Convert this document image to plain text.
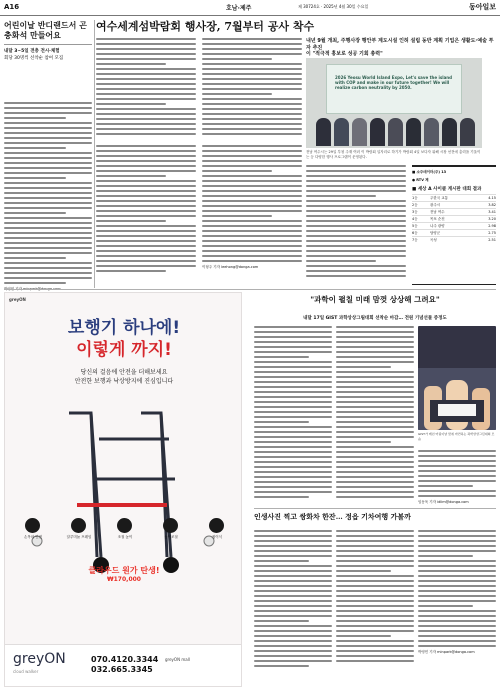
A16	호남·제주	제 30724호 · 2025년 4월 30일 수요일	동아일보
어린이날 반디랜드서 곤충화석 만들어요
내달 3~5일 전충 전시·체험
회당 30명씩 선착순 참여 모집
여수세계섬박람회 행사장, 7월부터 공사 착수
내년 9월 개최, 주행사장 행안부 계도시설 인허 설립 동반 계획 기업은 생활도·예술 투자 추진
이 "적극적 홍보로 성공 기회 총력"
2026 Yeosu World Island Expo, Let's save the island with COP and make in our future together! We will realize carbon neutrality by 2050.
전남 여수시는 29일 부청 주재 여러 이 박람회 일자리로 하기가 박람회 4일 보다자 위해 시장 선전에 총력을 기울이는 등 다양한 행사 프로그램이 운영된다.
이형주 기자 leehong@donga.com
■ 소주데이터(주) 13
● RTV 제
■ 세상 A 사이클 게시판 대회 결과
1등	주한국 교통	4.15
2등	광주시	3.82
3등	전남 여수	3.41
4등	목포 순천	3.20
5등	나주 광양	2.98
6등	담양군	2.75
7등	곡성	2.51
greyON
보행기 하나에!
이렇게 까지!
당신의 걸음에 안전을 더해보세요
안전한 보행과 낙상방지에 진심입니다
손목의 안전	알루미늄 프레임	조절 높이	높이조절	접이식
클라우드 원가 탄생!
₩170,000
greyON
cloud walker
070.4120.3344
032.665.3345
greyON mall
"과학이 펼칠 미래 맘껏 상상해 그려요"
내달 17일 GIST 과학상상그림대회 선착순 마감… 전원 기념선물 증정도
GIST가 매년 어린이날 맞춰 마련하는 과학상상그림대회 모습
임동욱 기자 idlim@donga.com
인생사진 찍고 쌍화차 한잔… 정읍 기차여행 가볼까
박영민 기자 minpark@donga.com
